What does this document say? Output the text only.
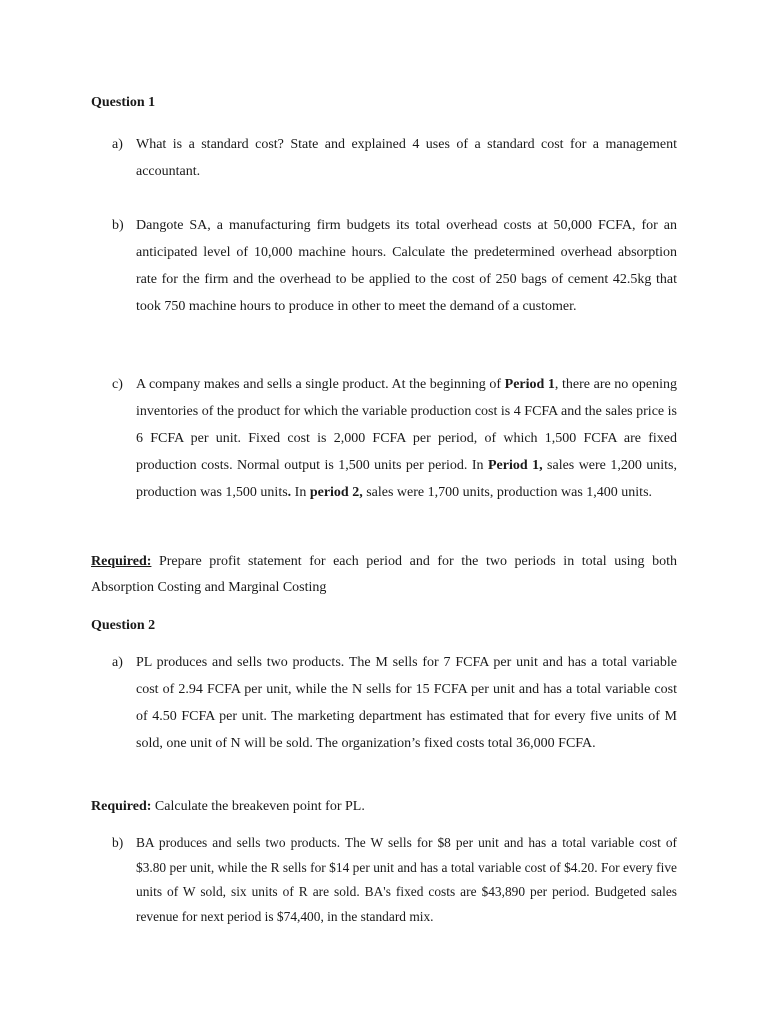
Question 1
a) What is a standard cost? State and explained 4 uses of a standard cost for a management accountant.
b) Dangote SA, a manufacturing firm budgets its total overhead costs at 50,000 FCFA, for an anticipated level of 10,000 machine hours. Calculate the predetermined overhead absorption rate for the firm and the overhead to be applied to the cost of 250 bags of cement 42.5kg that took 750 machine hours to produce in other to meet the demand of a customer.
c) A company makes and sells a single product. At the beginning of Period 1, there are no opening inventories of the product for which the variable production cost is 4 FCFA and the sales price is 6 FCFA per unit. Fixed cost is 2,000 FCFA per period, of which 1,500 FCFA are fixed production costs. Normal output is 1,500 units per period. In Period 1, sales were 1,200 units, production was 1,500 units. In period 2, sales were 1,700 units, production was 1,400 units.
Required: Prepare profit statement for each period and for the two periods in total using both Absorption Costing and Marginal Costing
Question 2
a) PL produces and sells two products. The M sells for 7 FCFA per unit and has a total variable cost of 2.94 FCFA per unit, while the N sells for 15 FCFA per unit and has a total variable cost of 4.50 FCFA per unit. The marketing department has estimated that for every five units of M sold, one unit of N will be sold. The organization’s fixed costs total 36,000 FCFA.
Required: Calculate the breakeven point for PL.
b) BA produces and sells two products. The W sells for $8 per unit and has a total variable cost of $3.80 per unit, while the R sells for $14 per unit and has a total variable cost of $4.20. For every five units of W sold, six units of R are sold. BA's fixed costs are $43,890 per period. Budgeted sales revenue for next period is $74,400, in the standard mix.
